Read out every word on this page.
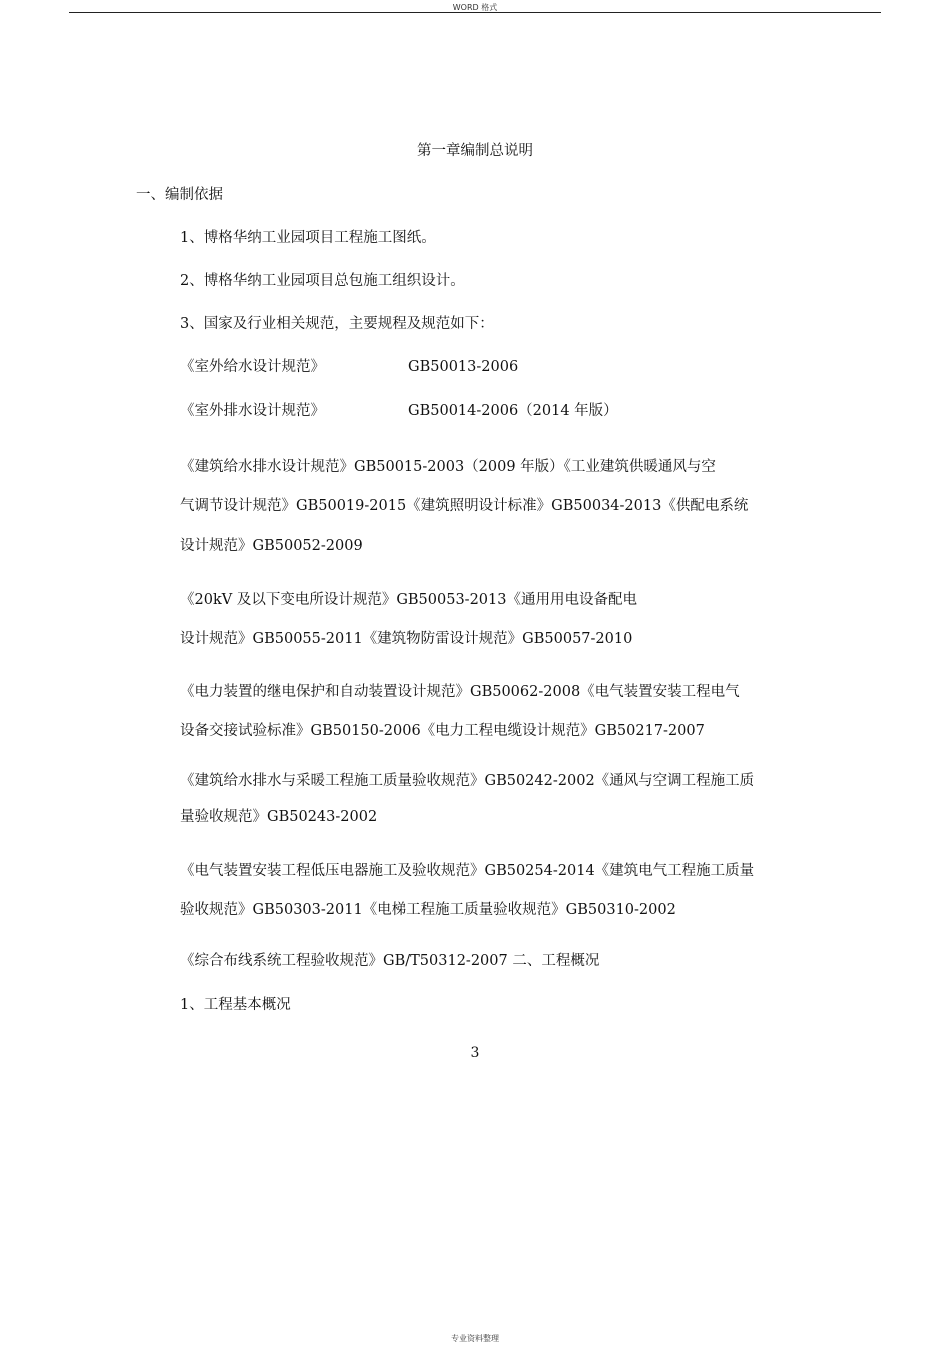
WORD 格式
第一章编制总说明
一、编制依据
1、博格华纳工业园项目工程施工图纸。
2、博格华纳工业园项目总包施工组织设计。
3、国家及行业相关规范，主要规程及规范如下：
《室外给水设计规范》	GB50013-2006
《室外排水设计规范》	GB50014-2006（2014 年版）
《建筑给水排水设计规范》GB50015-2003（2009 年版）《工业建筑供暖通风与空
气调节设计规范》GB50019-2015《建筑照明设计标准》GB50034-2013《供配电系统
设计规范》GB50052-2009
《20kV 及以下变电所设计规范》GB50053-2013《通用用电设备配电
设计规范》GB50055-2011《建筑物防雷设计规范》GB50057-2010
《电力装置的继电保护和自动装置设计规范》GB50062-2008《电气装置安装工程电气
设备交接试验标准》GB50150-2006《电力工程电缆设计规范》GB50217-2007
《建筑给水排水与采暖工程施工质量验收规范》GB50242-2002《通风与空调工程施工质
量验收规范》GB50243-2002
《电气装置安装工程低压电器施工及验收规范》GB50254-2014《建筑电气工程施工质量
验收规范》GB50303-2011《电梯工程施工质量验收规范》GB50310-2002
《综合布线系统工程验收规范》GB/T50312-2007 二、工程概况
1、工程基本概况
3
专业资料整理
